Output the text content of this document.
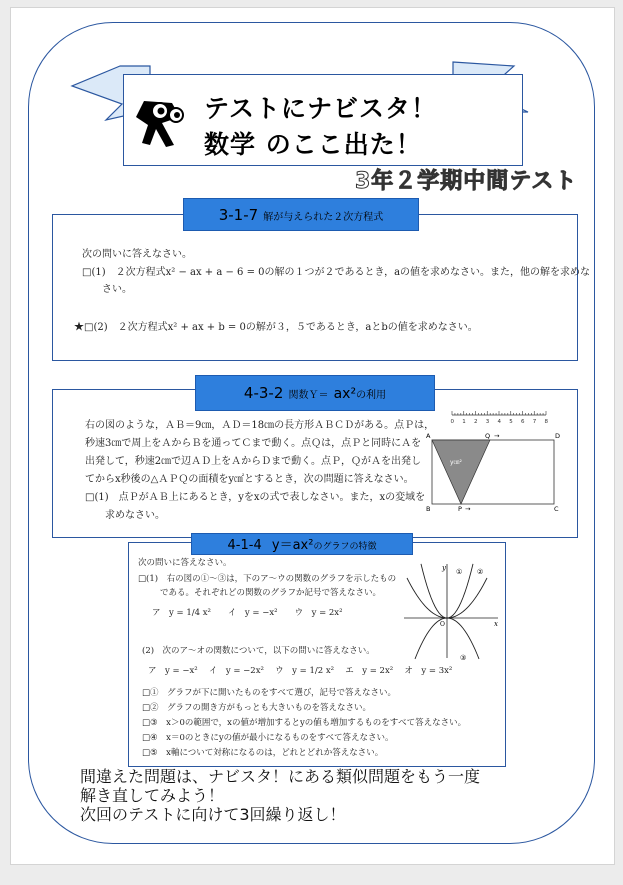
テストにナビスタ！
数学 のここ出た！
3年２学期中間テスト
3-1-7 解が与えられた２次方程式
次の問いに答えなさい。
□(1)　２次方程式x² − ax + a − 6 = 0の解の１つが２であるとき，aの値を求めなさい。また，他の解を求めな
さい。
★□(2)　２次方程式x² + ax + b = 0の解が３，５であるとき，aとbの値を求めなさい。
4-3-2 関数Ｙ＝ ax²の利用
右の図のような，ＡＢ＝9㎝，ＡＤ＝18㎝の長方形ＡＢＣＤがある。点Ｐは，
秒速3㎝で周上をＡからＢを通ってＣまで動く。点Ｑは，点Ｐと同時にＡを
出発して，秒速2㎝で辺ＡＤ上をＡからＤまで動く。点Ｐ，ＱがＡを出発し
てからx秒後の△ＡＰＱの面積をy㎠とするとき，次の問題に答えなさい。
□(1)　点ＰがＡＢ上にあるとき，yをxの式で表しなさい。また，xの変域を
求めなさい。
0 1 2 3 4 5 6 7 8
A	Q →	D
B	P →	C
y㎝²
4-1-4 y＝ax²のグラフの特徴
次の問いに答えなさい。
□(1)　右の図の①～③は，下のア～ウの関数のグラフを示したもの
である。それぞれどの関数のグラフか記号で答えなさい。
ア　y = 1/4 x²　　イ　y = −x²　　ウ　y = 2x²
(2)　次のア～オの関数について，以下の問いに答えなさい。
ア　y = −x²　 イ　y = −2x²　 ウ　y = 1/2 x²　 エ　y = 2x²　 オ　y = 3x²
□①　グラフが下に開いたものをすべて選び，記号で答えなさい。
□②　グラフの開き方がもっとも大きいものを答えなさい。
□③　x＞0の範囲で，xの値が増加するとyの値も増加するものをすべて答えなさい。
□④　x＝0のときにyの値が最小になるものをすべて答えなさい。
□⑤　x軸について対称になるのは，どれとどれか答えなさい。
y
x
O
① ②
③
間違えた問題は、ナビスタ！にある類似問題をもう一度
解き直してみよう！
次回のテストに向けて3回繰り返し！
